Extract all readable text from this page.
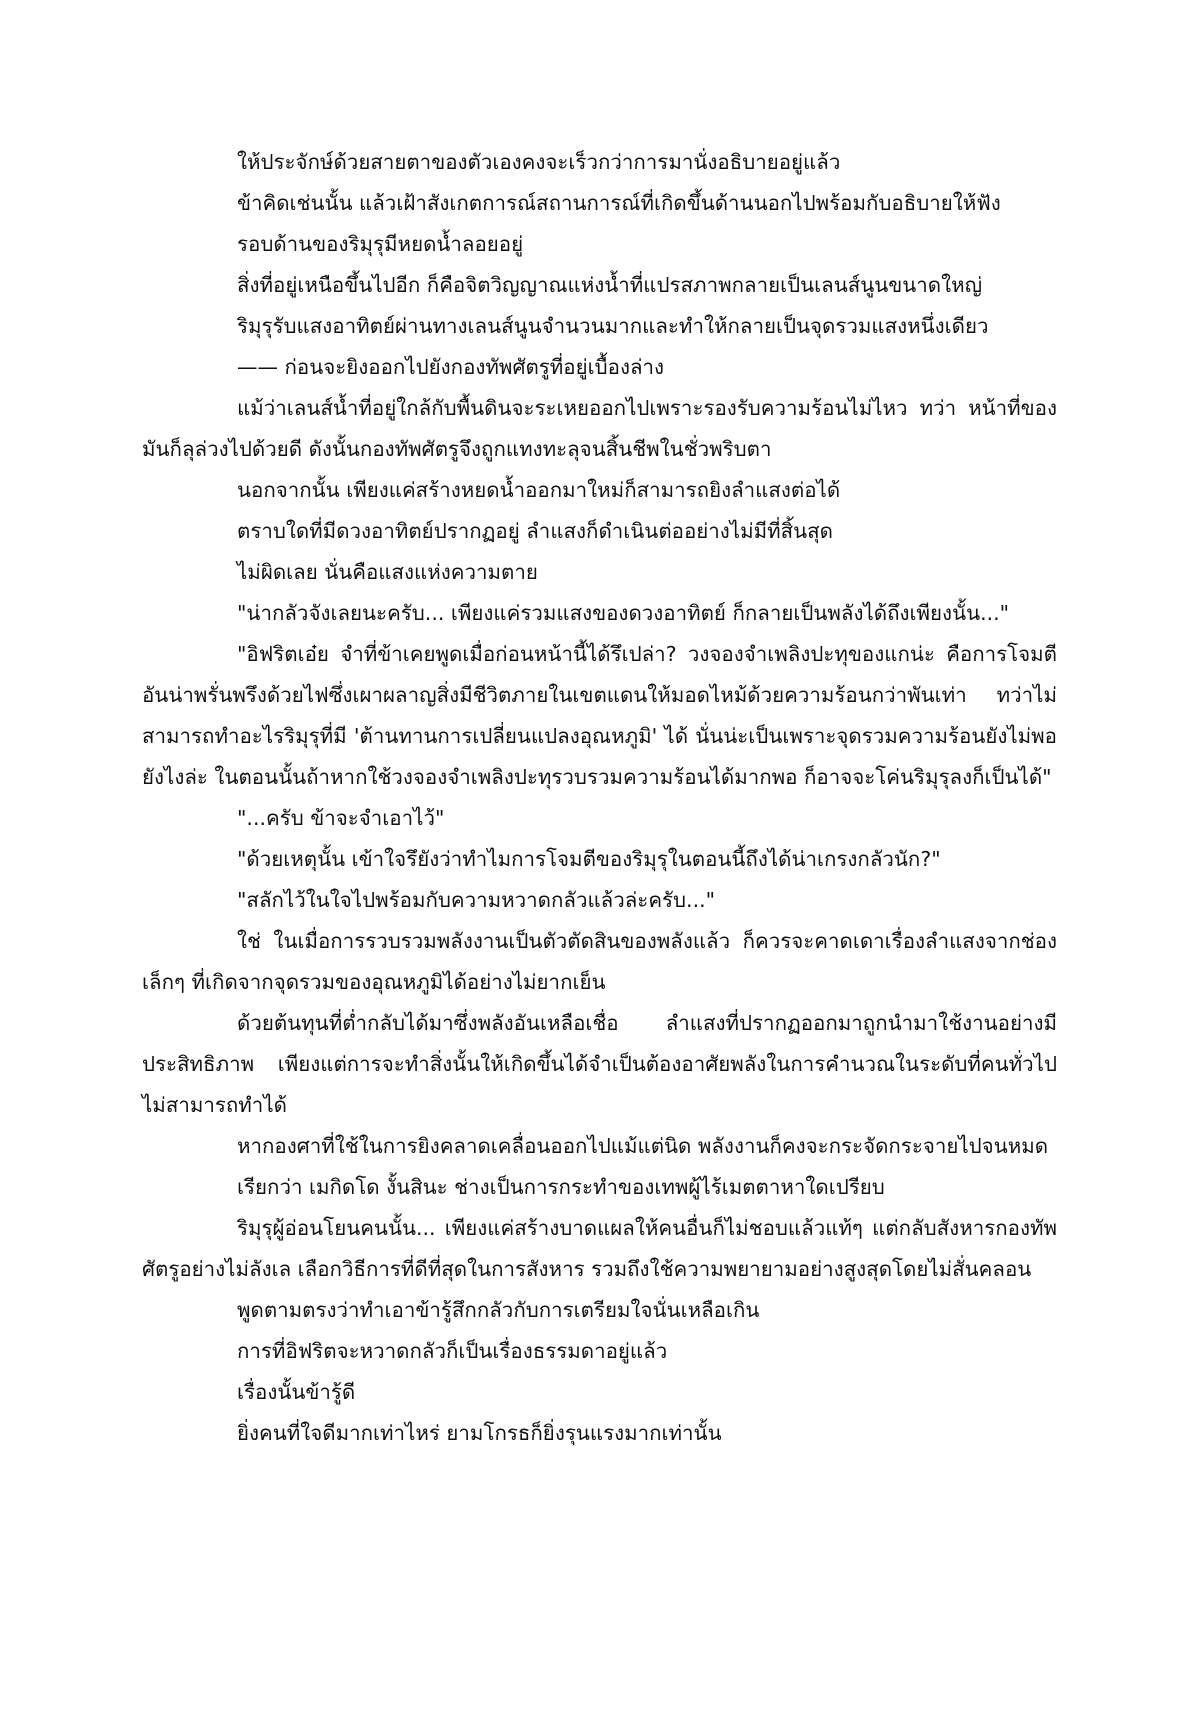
ให้ประจักษ์ด้วยสายตาของตัวเองคงจะเร็วกว่าการมานั่งอธิบายอยู่แล้ว

ข้าคิดเช่นนั้น แล้วเฝ้าสังเกตการณ์สถานการณ์ที่เกิดขึ้นด้านนอกไปพร้อมกับอธิบายให้ฟัง

รอบด้านของริมุรุมีหยดน้ำลอยอยู่

สิ่งที่อยู่เหนือขึ้นไปอีก ก็คือจิตวิญญาณแห่งน้ำที่แปรสภาพกลายเป็นเลนส์นูนขนาดใหญ่

ริมุรุรับแสงอาทิตย์ผ่านทางเลนส์นูนจำนวนมากและทำให้กลายเป็นจุดรวมแสงหนึ่งเดียว

—— ก่อนจะยิงออกไปยังกองทัพศัตรูที่อยู่เบื้องล่าง

แม้ว่าเลนส์น้ำที่อยู่ใกล้กับพื้นดินจะระเหยออกไปเพราะรองรับความร้อนไม่ไหว ทว่า หน้าที่ของมันก็ลุล่วงไปด้วยดี ดังนั้นกองทัพศัตรูจึงถูกแทงทะลุจนสิ้นชีพในชั่วพริบตา

นอกจากนั้น เพียงแค่สร้างหยดน้ำออกมาใหม่ก็สามารถยิงลำแสงต่อได้

ตราบใดที่มีดวงอาทิตย์ปรากฏอยู่ ลำแสงก็ดำเนินต่ออย่างไม่มีที่สิ้นสุด

ไม่ผิดเลย นั่นคือแสงแห่งความตาย

"น่ากลัวจังเลยนะครับ... เพียงแค่รวมแสงของดวงอาทิตย์ ก็กลายเป็นพลังได้ถึงเพียงนั้น..."

"อิฟริตเอ๋ย จำที่ข้าเคยพูดเมื่อก่อนหน้านี้ได้รึเปล่า? วงจองจำเพลิงปะทุของแกน่ะ คือการโจมตีอันน่าพรั่นพรึงด้วยไฟซึ่งเผาผลาญสิ่งมีชีวิตภายในเขตแดนให้มอดไหม้ด้วยความร้อนกว่าพันเท่า ทว่าไม่สามารถทำอะไรริมุรุที่มี 'ต้านทานการเปลี่ยนแปลงอุณหภูมิ' ได้ นั่นน่ะเป็นเพราะจุดรวมความร้อนยังไม่พอยังไงล่ะ ในตอนนั้นถ้าหากใช้วงจองจำเพลิงปะทุรวบรวมความร้อนได้มากพอ ก็อาจจะโค่นริมุรุลงก็เป็นได้"

"...ครับ ข้าจะจำเอาไว้"

"ด้วยเหตุนั้น เข้าใจรึยังว่าทำไมการโจมตีของริมุรุในตอนนี้ถึงได้น่าเกรงกลัวนัก?"

"สลักไว้ในใจไปพร้อมกับความหวาดกลัวแล้วล่ะครับ..."

ใช่ ในเมื่อการรวบรวมพลังงานเป็นตัวตัดสินของพลังแล้ว ก็ควรจะคาดเดาเรื่องลำแสงจากช่องเล็กๆ ที่เกิดจากจุดรวมของอุณหภูมิได้อย่างไม่ยากเย็น

ด้วยต้นทุนที่ต่ำกลับได้มาซึ่งพลังอันเหลือเชื่อ ลำแสงที่ปรากฏออกมาถูกนำมาใช้งานอย่างมีประสิทธิภาพ เพียงแต่การจะทำสิ่งนั้นให้เกิดขึ้นได้จำเป็นต้องอาศัยพลังในการคำนวณในระดับที่คนทั่วไปไม่สามารถทำได้

หากองศาที่ใช้ในการยิงคลาดเคลื่อนออกไปแม้แต่นิด พลังงานก็คงจะกระจัดกระจายไปจนหมด

เรียกว่า เมกิดโด งั้นสินะ ช่างเป็นการกระทำของเทพผู้ไร้เมตตาหาใดเปรียบ

ริมุรุผู้อ่อนโยนคนนั้น... เพียงแค่สร้างบาดแผลให้คนอื่นก็ไม่ชอบแล้วแท้ๆ แต่กลับสังหารกองทัพศัตรูอย่างไม่ลังเล เลือกวิธีการที่ดีที่สุดในการสังหาร รวมถึงใช้ความพยายามอย่างสูงสุดโดยไม่สั่นคลอน

พูดตามตรงว่าทำเอาข้ารู้สึกกลัวกับการเตรียมใจนั่นเหลือเกิน

การที่อิฟริตจะหวาดกลัวก็เป็นเรื่องธรรมดาอยู่แล้ว

เรื่องนั้นข้ารู้ดี

ยิ่งคนที่ใจดีมากเท่าไหร่ ยามโกรธก็ยิ่งรุนแรงมากเท่านั้น
